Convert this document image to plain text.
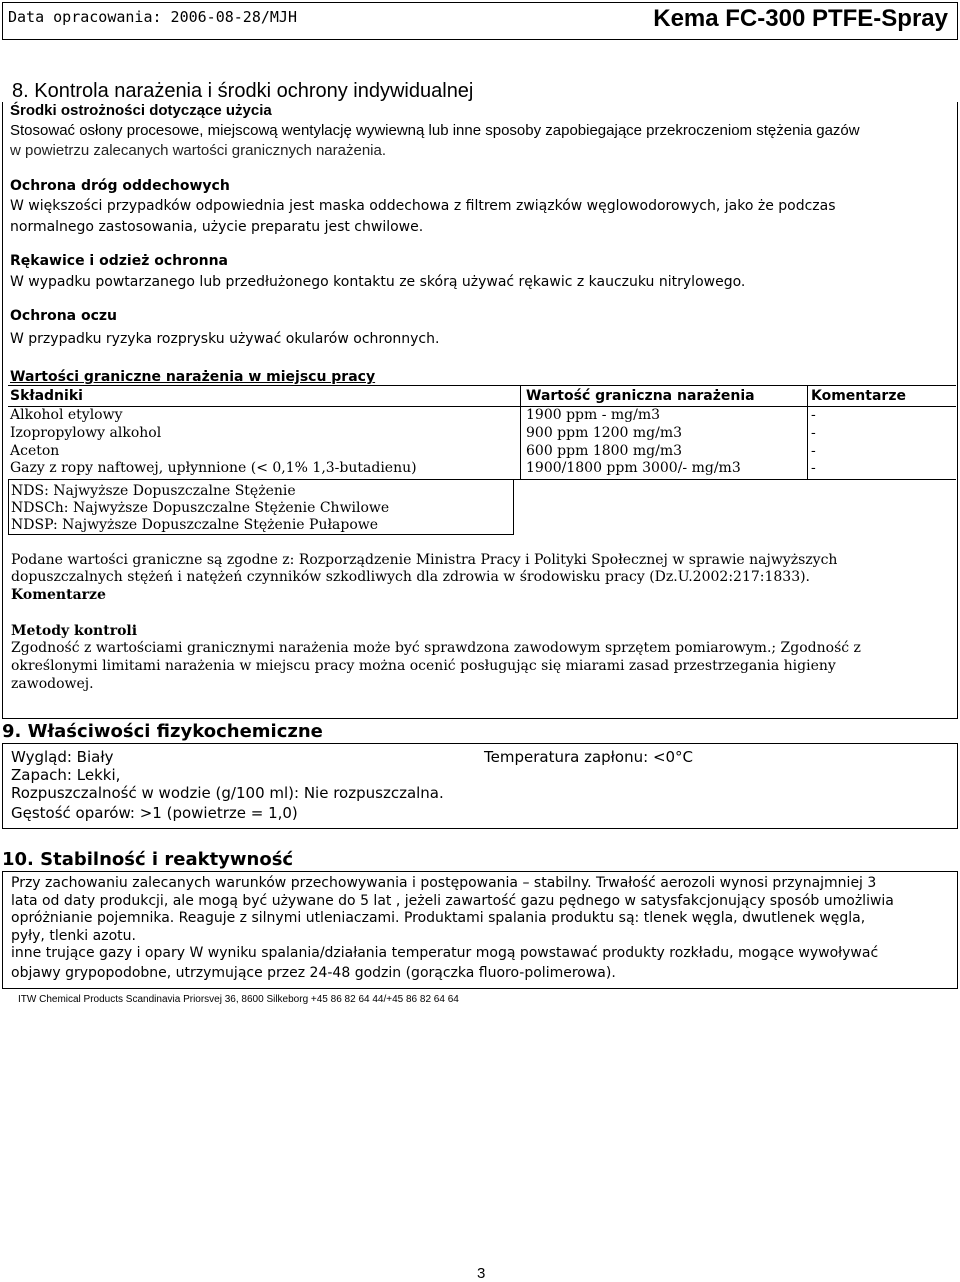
Data opracowania: 2006-08-28/MJH	Kema FC-300 PTFE-Spray
8. Kontrola narażenia i środki ochrony indywidualnej
Środki ostrożności dotyczące użycia
Stosować osłony procesowe, miejscową wentylację wywiewną lub inne sposoby zapobiegające przekroczeniom stężenia gazów
w powietrzu zalecanych wartości granicznych narażenia.
Ochrona dróg oddechowych
W większości przypadków odpowiednia jest maska oddechowa z filtrem związków węglowodorowych, jako że podczas
normalnego zastosowania, użycie preparatu jest chwilowe.
Rękawice i odzież ochronna
W wypadku powtarzanego lub przedłużonego kontaktu ze skórą używać rękawic z kauczuku nitrylowego.
Ochrona oczu
W przypadku ryzyka rozprysku używać okularów ochronnych.
Wartości graniczne narażenia w miejscu pracy
Składniki	Wartość graniczna narażenia	Komentarze
Alkohol etylowy	1900 ppm - mg/m3	-
Izopropylowy alkohol	900 ppm 1200 mg/m3	-
Aceton	600 ppm 1800 mg/m3	-
Gazy z ropy naftowej, upłynnione (< 0,1% 1,3-butadienu)	1900/1800 ppm 3000/- mg/m3	-
NDS: Najwyższe Dopuszczalne Stężenie
NDSCh: Najwyższe Dopuszczalne Stężenie Chwilowe
NDSP: Najwyższe Dopuszczalne Stężenie Pułapowe
Podane wartości graniczne są zgodne z: Rozporządzenie Ministra Pracy i Polityki Społecznej w sprawie najwyższych
dopuszczalnych stężeń i natężeń czynników szkodliwych dla zdrowia w środowisku pracy (Dz.U.2002:217:1833).
Komentarze
Metody kontroli
Zgodność z wartościami granicznymi narażenia może być sprawdzona zawodowym sprzętem pomiarowym.; Zgodność z
określonymi limitami narażenia w miejscu pracy można ocenić posługując się miarami zasad przestrzegania higieny
zawodowej.
9. Właściwości fizykochemiczne
Wygląd: Biały	Temperatura zapłonu: <0°C
Zapach: Lekki,
Rozpuszczalność w wodzie (g/100 ml): Nie rozpuszczalna.
Gęstość oparów: >1 (powietrze = 1,0)
10. Stabilność i reaktywność
Przy zachowaniu zalecanych warunków przechowywania i postępowania – stabilny. Trwałość aerozoli wynosi przynajmniej 3
lata od daty produkcji, ale mogą być używane do 5 lat , jeżeli zawartość gazu pędnego w satysfakcjonujący sposób umożliwia
opróżnianie pojemnika. Reaguje z silnymi utleniaczami. Produktami spalania produktu są: tlenek węgla, dwutlenek węgla,
pyły, tlenki azotu.
inne trujące gazy i opary W wyniku spalania/działania temperatur mogą powstawać produkty rozkładu, mogące wywoływać
objawy grypopodobne, utrzymujące przez 24-48 godzin (gorączka fluoro-polimerowa).
ITW Chemical Products Scandinavia Priorsvej 36, 8600 Silkeborg +45 86 82 64 44/+45 86 82 64 64
3
